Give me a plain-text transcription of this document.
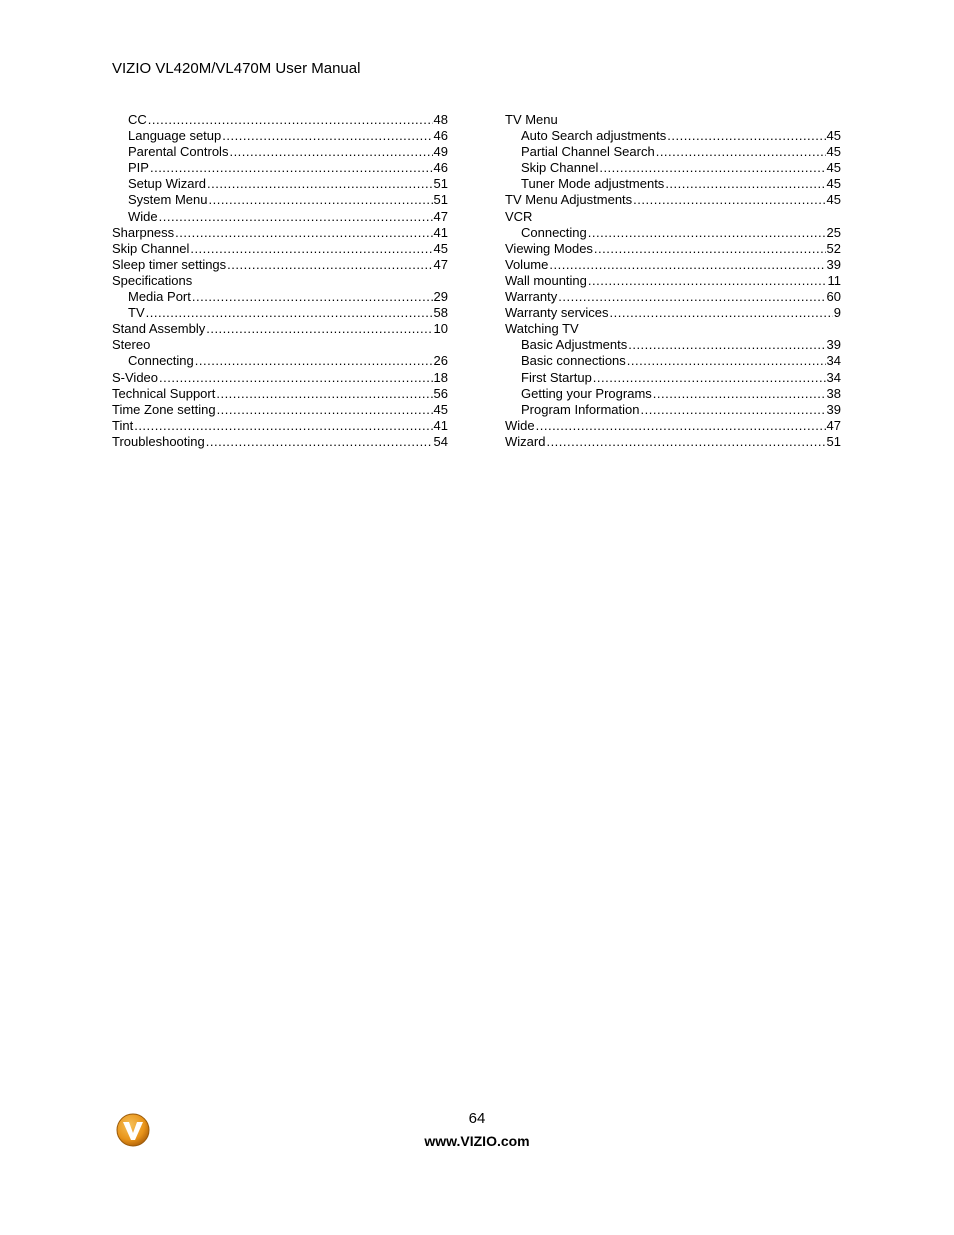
VIZIO VL420M/VL470M User Manual
CC .....	48
Language setup .....	46
Parental Controls .....	49
PIP .....	46
Setup Wizard .....	51
System Menu .....	51
Wide .....	47
Sharpness .....	41
Skip Channel .....	45
Sleep timer settings .....	47
Specifications
Media Port .....	29
TV .....	58
Stand Assembly .....	10
Stereo
Connecting .....	26
S-Video .....	18
Technical Support .....	56
Time Zone setting .....	45
Tint .....	41
Troubleshooting .....	54
TV Menu
Auto Search adjustments .....	45
Partial Channel Search .....	45
Skip Channel .....	45
Tuner Mode adjustments .....	45
TV Menu Adjustments .....	45
VCR
Connecting .....	25
Viewing Modes .....	52
Volume .....	39
Wall mounting .....	11
Warranty .....	60
Warranty services .....	9
Watching TV
Basic Adjustments .....	39
Basic connections .....	34
First Startup .....	34
Getting your Programs .....	38
Program Information .....	39
Wide .....	47
Wizard .....	51
64
www.VIZIO.com
